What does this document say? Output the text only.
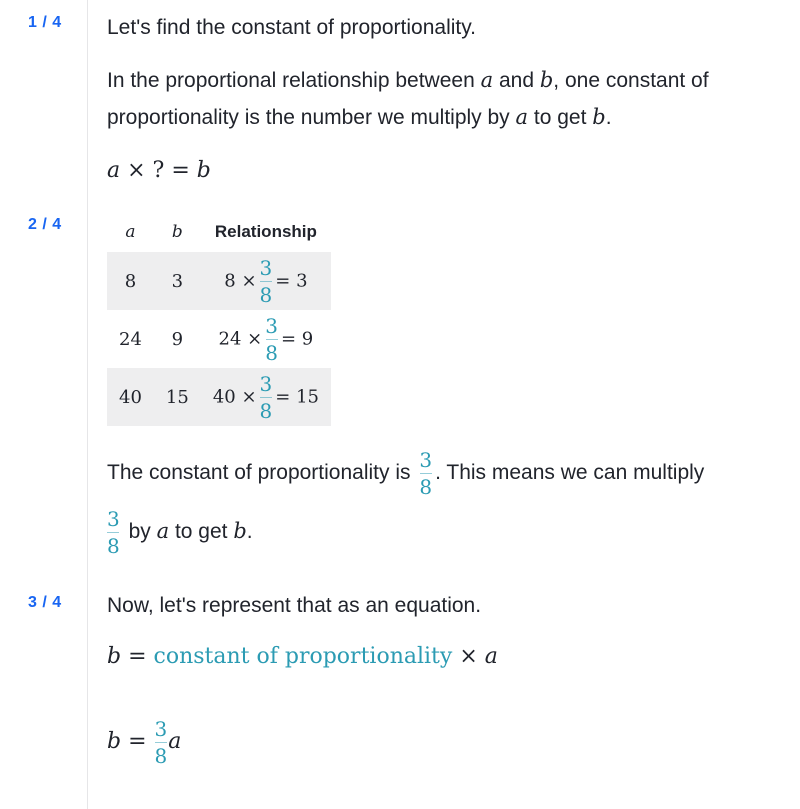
1 / 4 Let's find the constant of proportionality.
In the proportional relationship between a and b, one constant of proportionality is the number we multiply by a to get b.
a × ? = b
2 / 4	a	b	Relationship
8	3	$8 \times \frac{3}{8} = 3$
24	9	$24 \times \frac{3}{8} = 9$
40	15	$40 \times \frac{3}{8} = 15$
The constant of proportionality is $\frac{3}{8}$ . This means we can multiply

$\frac{3}{8}$ by a to get b.
3 / 4 Now, let's represent that as an equation.
b = constant of proportionality × a
$b = \frac{3}{8}$ a
